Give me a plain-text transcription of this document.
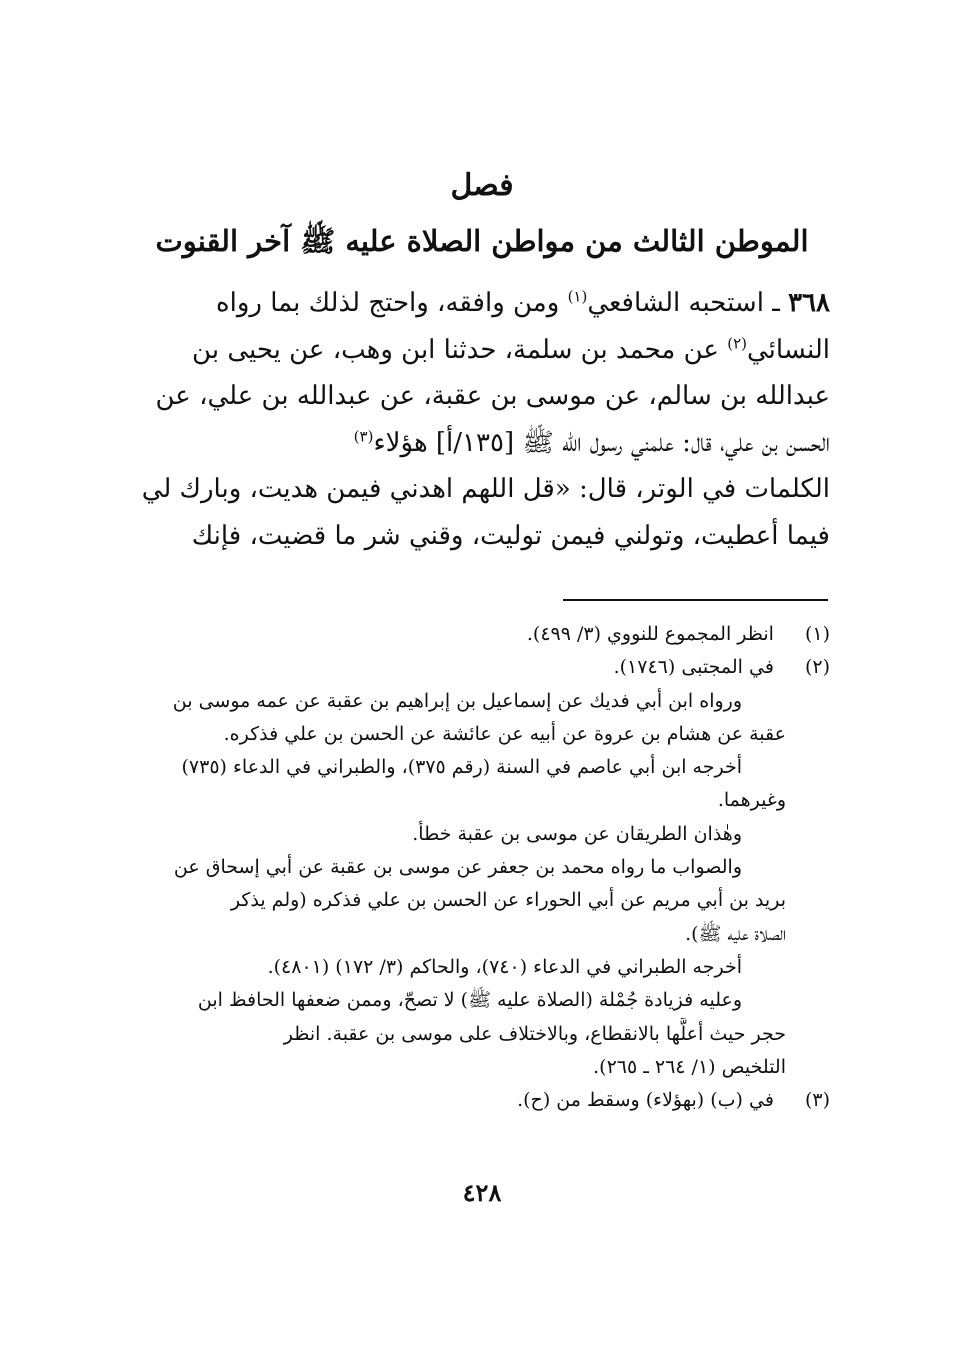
فصل
الموطن الثالث من مواطن الصلاة عليه ﷺ آخر القنوت
٣٦٨ ـ استحبه الشافعي$^{(١)}$ ومن وافقه، واحتج لذلك بما رواه
النسائي$^{(٢)}$ عن محمد بن سلمة، حدثنا ابن وهب، عن يحيى بن
عبدالله بن سالم، عن موسى بن عقبة، عن عبدالله بن علي، عن
الحسن بن علي، قال: علمني رسول الله ﷺ [١٣٥/أ] هؤلاء$^{(٣)}$
الكلمات في الوتر، قال: «قل اللهم اهدني فيمن هديت، وبارك لي
فيما أعطيت، وتولني فيمن توليت، وقني شر ما قضيت، فإنك
(١)  انظر المجموع للنووي (٣/ ٤٩٩).
(٢)  في المجتبى (١٧٤٦).
ورواه ابن أبي فديك عن إسماعيل بن إبراهيم بن عقبة عن عمه موسى بن
عقبة عن هشام بن عروة عن أبيه عن عائشة عن الحسن بن علي فذكره.
أخرجه ابن أبي عاصم في السنة (رقم ٣٧٥)، والطبراني في الدعاء (٧٣٥)
وغيرهما.
وهٰذان الطريقان عن موسى بن عقبة خطأ.
والصواب ما رواه محمد بن جعفر عن موسى بن عقبة عن أبي إسحاق عن
بريد بن أبي مريم عن أبي الحوراء عن الحسن بن علي فذكره (ولم يذكر
الصلاة عليه ﷺ).
أخرجه الطبراني في الدعاء (٧٤٠)، والحاكم (٣/ ١٧٢) (٤٨٠١).
وعليه فزيادة جُمْلة (الصلاة عليه ﷺ) لا تصحّ، وممن ضعفها الحافظ ابن
حجر حيث أعلَّها بالانقطاع، وبالاختلاف على موسى بن عقبة. انظر
التلخيص (١/ ٢٦٤ ـ ٢٦٥).
(٣)  في (ب) (بهؤلاء) وسقط من (ح).
٤٢٨
